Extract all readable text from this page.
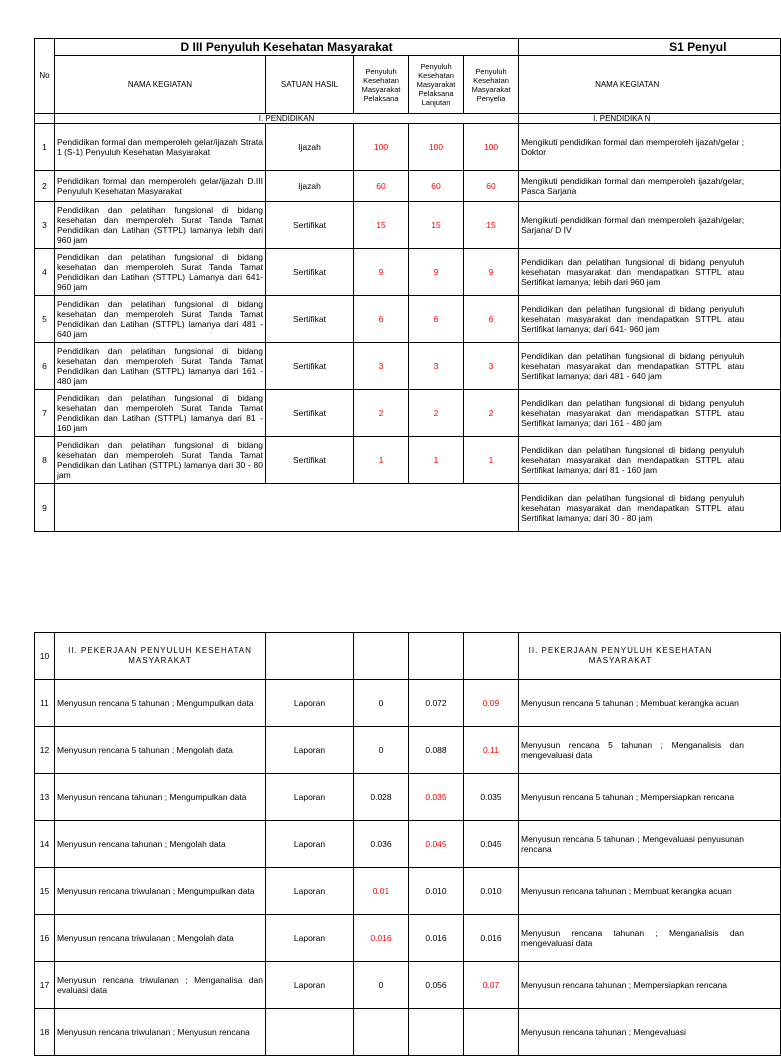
No	D III Penyuluh Kesehatan Masyarakat					S1 Penyul
	NAMA KEGIATAN	SATUAN HASIL	Penyuluh Kesehatan Masyarakat Pelaksana	Penyuluh Kesehatan Masyarakat Pelaksana Lanjutan	Penyuluh Kesehatan Masyarakat Penyelia	NAMA KEGIATAN
	I. PENDIDIKAN					I. PENDIDIKA N
1	Pendidikan formal dan memperoleh gelar/ijazah Strata 1 (S-1) Penyuluh Kesehatan Masyarakat	Ijazah	100	100	100	Mengikuti pendidikan formal dan memperoleh ijazah/gelar ; Doktor
2	Pendidikan formal dan memperoleh gelar/ijazah D.III Penyuluh Kesehatan Masyarakat	Ijazah	60	60	60	Mengikuti pendidikan formal dan memperoleh ijazah/gelar; Pasca Sarjana
3	Pendidikan dan pelatihan fungsional di bidang kesehatan dan memperoleh Surat Tanda Tamat Pendidikan dan Latihan (STTPL) lamanya lebih dari 960 jam	Sertifikat	15	15	15	Mengikuti pendidikan formal dan memperoleh ijazah/gelar; Sarjana/ D IV
4	Pendidikan dan pelatihan fungsional di bidang kesehatan dan memperoleh Surat Tanda Tamat Pendidikan dan Latihan (STTPL) Lamanya dari 641- 960 jam	Sertifikat	9	9	9	Pendidikan dan pelatihan fungsional di bidang penyuluh kesehatan masyarakat dan mendapatkan STTPL atau Sertifikat lamanya; lebih dari 960 jam
5	Pendidikan dan pelatihan fungsional di bidang kesehatan dan memperoleh Surat Tanda Tamat Pendidikan dan Latihan (STTPL) lamanya dari 481 - 640 jam	Sertifikat	6	6	6	Pendidikan dan pelatihan fungsional di bidang penyuluh kesehatan masyarakat dan mendapatkan STTPL atau Sertifikat lamanya; dari 641- 960 jam
6	Pendidikan dan pelatihan fungsional di bidang kesehatan dan memperoleh Surat Tanda Tamat Pendidikan dan Latihan (STTPL) lamanya dari 161 - 480 jam	Sertifikat	3	3	3	Pendidikan dan pelatihan fungsional di bidang penyuluh kesehatan masyarakat dan mendapatkan STTPL atau Sertifikat lamanya; dari 481 - 640 jam
7	Pendidikan dan pelatihan fungsional di bidang kesehatan dan memperoleh Surat Tanda Tamat Pendidikan dan Latihan (STTPL) lamanya dari 81 - 160 jam	Sertifikat	2	2	2	Pendidikan dan pelatihan fungsional di bidang penyuluh kesehatan masyarakat dan mendapatkan STTPL atau Sertifikat lamanya; dari 161 - 480 jam
8	Pendidikan dan pelatihan fungsional di bidang kesehatan dan memperoleh Surat Tanda Tamat Pendidikan dan Latihan (STTPL) lamanya dari 30 - 80 jam	Sertifikat	1	1	1	Pendidikan dan pelatihan fungsional di bidang penyuluh kesehatan masyarakat dan mendapatkan STTPL atau Sertifikat lamanya; dari 81 - 160 jam
9						Pendidikan dan pelatihan fungsional di bidang penyuluh kesehatan masyarakat dan mendapatkan STTPL atau Sertifikat lamanya; dari 30 - 80 jam
10	II. PEKERJAAN PENYULUH KESEHATAN MASYARAKAT					II. PEKERJAAN PENYULUH KESEHATAN MASYARAKAT
11	Menyusun rencana 5 tahunan ; Mengumpulkan data	Laporan	0	0.072	0.09	Menyusun rencana 5 tahunan ; Membuat kerangka acuan
12	Menyusun rencana 5 tahunan ; Mengolah data	Laporan	0	0.088	0.11	Menyusun rencana 5 tahunan ; Menganalisis dan mengevaluasi data
13	Menyusun rencana tahunan ; Mengumpulkan data	Laporan	0.028	0.035	0.035	Menyusun rencana 5 tahunan ; Mempersiapkan rencana
14	Menyusun rencana tahunan ; Mengolah data	Laporan	0.036	0.045	0.045	Menyusun rencana 5 tahunan ; Mengevaluasi penyusunan rencana
15	Menyusun rencana triwulanan ; Mengumpulkan data	Laporan	0.01	0.010	0.010	Menyusun rencana tahunan ; Membuat kerangka acuan
16	Menyusun rencana triwulanan ; Mengolah data	Laporan	0.016	0.016	0.016	Menyusun rencana tahunan ; Menganalisis dan mengevaluasi data
17	Menyusun rencana triwulanan ; Menganalisa dan evaluasi data	Laporan	0	0.056	0.07	Menyusun rencana tahunan ; Mempersiapkan rencana
18	Menyusun rencana triwulanan ; Menyusun rencana					Menyusun rencana tahunan ; Mengevaluasi
